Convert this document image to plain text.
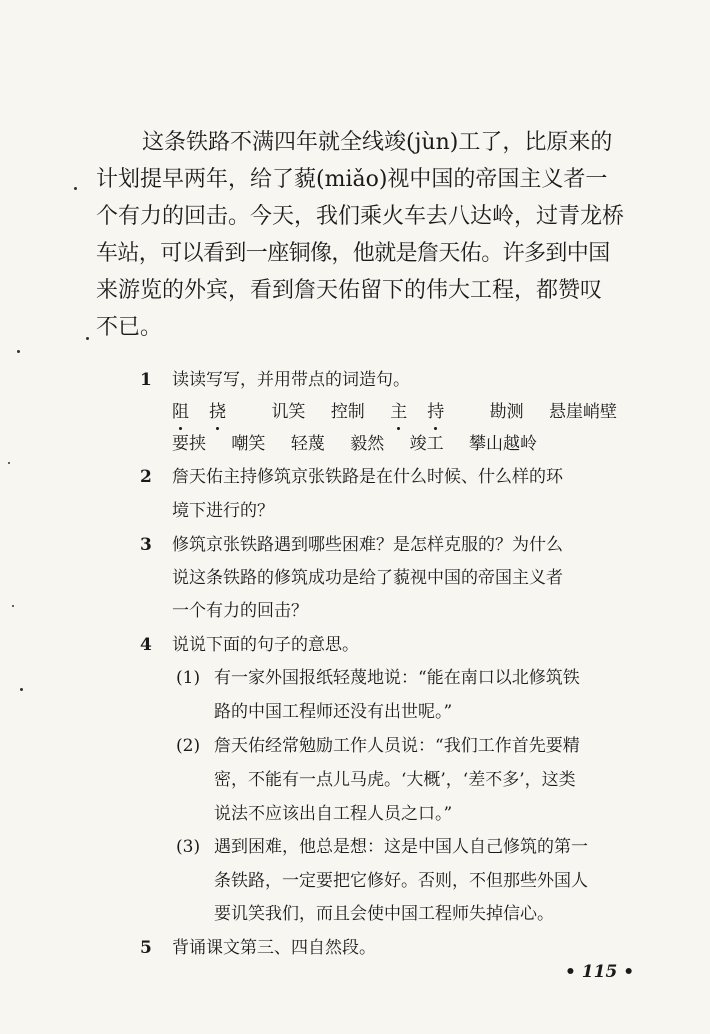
这条铁路不满四年就全线竣(jùn)工了，比原来的
计划提早两年，给了藐(miǎo)视中国的帝国主义者一
个有力的回击。今天，我们乘火车去八达岭，过青龙桥
车站，可以看到一座铜像，他就是詹天佑。许多到中国
来游览的外宾，看到詹天佑留下的伟大工程，都赞叹
不已。
1 读读写写，并用带点的词造句。
阻 挠	讥笑 控制 主 持	勘测 悬崖峭壁
要挟 嘲笑 轻蔑 毅然 竣工 攀山越岭
2 詹天佑主持修筑京张铁路是在什么时候、什么样的环
境下进行的？
3 修筑京张铁路遇到哪些困难？是怎样克服的？为什么
说这条铁路的修筑成功是给了藐视中国的帝国主义者
一个有力的回击？
4 说说下面的句子的意思。
(1) 有一家外国报纸轻蔑地说：“能在南口以北修筑铁
路的中国工程师还没有出世呢。”
(2) 詹天佑经常勉励工作人员说：“我们工作首先要精
密，不能有一点儿马虎。‘大概’，‘差不多’，这类
说法不应该出自工程人员之口。”
(3) 遇到困难，他总是想：这是中国人自己修筑的第一
条铁路，一定要把它修好。否则，不但那些外国人
要讥笑我们，而且会使中国工程师失掉信心。
5 背诵课文第三、四自然段。
• 115 •
